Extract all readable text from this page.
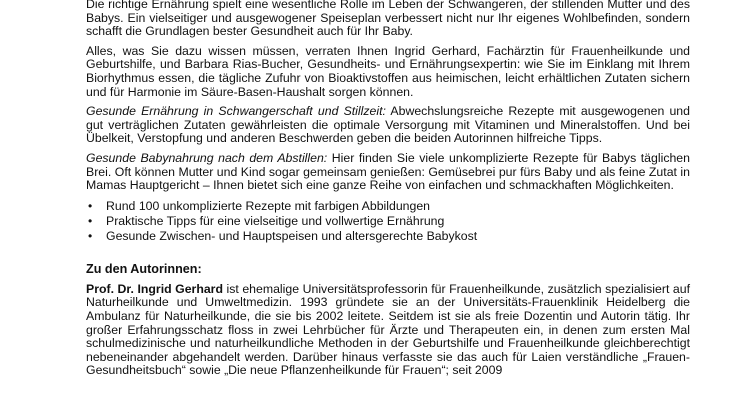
Die richtige Ernährung spielt eine wesentliche Rolle im Leben der Schwangeren, der stillenden Mutter und des Babys. Ein vielseitiger und ausgewogener Speiseplan verbessert nicht nur Ihr eigenes Wohlbefinden, sondern schafft die Grundlagen bester Gesundheit auch für Ihr Baby.

Alles, was Sie dazu wissen müssen, verraten Ihnen Ingrid Gerhard, Fachärztin für Frauenheilkunde und Geburtshilfe, und Barbara Rias-Bucher, Gesundheits- und Ernährungsexpertin: wie Sie im Einklang mit Ihrem Biorhythmus essen, die tägliche Zufuhr von Bioaktivstoffen aus heimischen, leicht erhältlichen Zutaten sichern und für Harmonie im Säure-Basen-Haushalt sorgen können.

Gesunde Ernährung in Schwangerschaft und Stillzeit: Abwechslungsreiche Rezepte mit ausgewogenen und gut verträglichen Zutaten gewährleisten die optimale Versorgung mit Vitaminen und Mineralstoffen. Und bei Übelkeit, Verstopfung und anderen Beschwerden geben die beiden Autorinnen hilfreiche Tipps.

Gesunde Babynahrung nach dem Abstillen: Hier finden Sie viele unkomplizierte Rezepte für Babys täglichen Brei. Oft können Mutter und Kind sogar gemeinsam genießen: Gemüsebrei pur fürs Baby und als feine Zutat in Mamas Hauptgericht – Ihnen bietet sich eine ganze Reihe von einfachen und schmackhaften Möglichkeiten.

• Rund 100 unkomplizierte Rezepte mit farbigen Abbildungen
• Praktische Tipps für eine vielseitige und vollwertige Ernährung
• Gesunde Zwischen- und Hauptspeisen und altersgerechte Babykost
Zu den Autorinnen:

Prof. Dr. Ingrid Gerhard ist ehemalige Universitätsprofessorin für Frauenheilkunde, zusätzlich spezialisiert auf Naturheilkunde und Umweltmedizin. 1993 gründete sie an der Universitäts-Frauenklinik Heidelberg die Ambulanz für Naturheilkunde, die sie bis 2002 leitete. Seitdem ist sie als freie Dozentin und Autorin tätig. Ihr großer Erfahrungsschatz floss in zwei Lehrbücher für Ärzte und Therapeuten ein, in denen zum ersten Mal schulmedizinische und naturheilkundliche Methoden in der Geburtshilfe und Frauenheilkunde gleichberechtigt nebeneinander abgehandelt werden. Darüber hinaus verfasste sie das auch für Laien verständliche „Frauen-Gesundheitsbuch“ sowie „Die neue Pflanzenheilkunde für Frauen“; seit 2009
